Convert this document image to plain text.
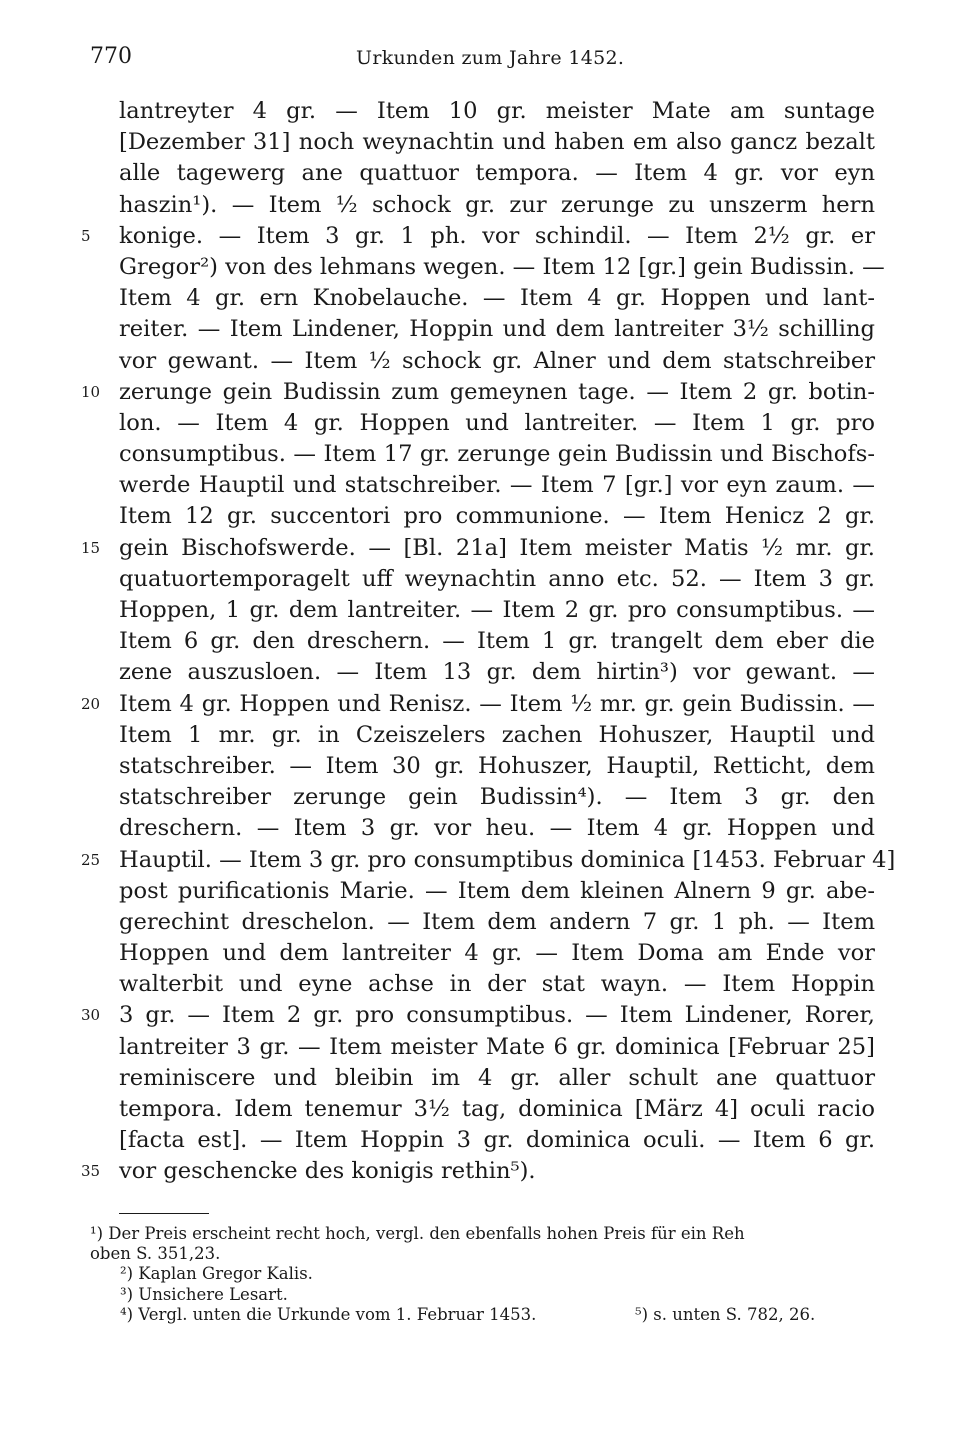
770	Urkunden zum Jahre 1452.
lantreyter 4 gr. — Item 10 gr. meister Mate am suntage
[Dezember 31] noch weynachtin und haben em also gancz bezalt
alle tagewerg ane quattuor tempora. — Item 4 gr. vor eyn
haszin¹). — Item ½ schock gr. zur zerunge zu unszerm hern
5	konige. — Item 3 gr. 1 ph. vor schindil. — Item 2½ gr. er
Gregor²) von des lehmans wegen. — Item 12 [gr.] gein Budissin. —
Item 4 gr. ern Knobelauche. — Item 4 gr. Hoppen und lant-
reiter. — Item Lindener, Hoppin und dem lantreiter 3½ schilling
vor gewant. — Item ½ schock gr. Alner und dem statschreiber
10 zerunge gein Budissin zum gemeynen tage. — Item 2 gr. botin-
lon. — Item 4 gr. Hoppen und lantreiter. — Item 1 gr. pro
consumptibus. — Item 17 gr. zerunge gein Budissin und Bischofs-
werde Hauptil und statschreiber. — Item 7 [gr.] vor eyn zaum. —
Item 12 gr. succentori pro communione. — Item Henicz 2 gr.
15 gein Bischofswerde. — [Bl. 21a] Item meister Matis ½ mr. gr.
quatuortemporagelt uff weynachtin anno etc. 52. — Item 3 gr.
Hoppen, 1 gr. dem lantreiter. — Item 2 gr. pro consumptibus. —
Item 6 gr. den dreschern. — Item 1 gr. trangelt dem eber die
zene auszusloen. — Item 13 gr. dem hirtin³) vor gewant. —
20 Item 4 gr. Hoppen und Renisz. — Item ½ mr. gr. gein Budissin. —
Item 1 mr. gr. in Czeiszelers zachen Hohuszer, Hauptil und
statschreiber. — Item 30 gr. Hohuszer, Hauptil, Retticht, dem
statschreiber zerunge gein Budissin⁴). — Item 3 gr. den
dreschern. — Item 3 gr. vor heu. — Item 4 gr. Hoppen und
25 Hauptil. — Item 3 gr. pro consumptibus dominica [1453. Februar 4]
post purificationis Marie. — Item dem kleinen Alnern 9 gr. abe-
gerechint dreschelon. — Item dem andern 7 gr. 1 ph. — Item
Hoppen und dem lantreiter 4 gr. — Item Doma am Ende vor
walterbit und eyne achse in der stat wayn. — Item Hoppin
30 3 gr. — Item 2 gr. pro consumptibus. — Item Lindener, Rorer,
lantreiter 3 gr. — Item meister Mate 6 gr. dominica [Februar 25]
reminiscere und bleibin im 4 gr. aller schult ane quattuor
tempora. Idem tenemur 3½ tag, dominica [März 4] oculi racio
[facta est]. — Item Hoppin 3 gr. dominica oculi. — Item 6 gr.
35 vor geschencke des konigis rethin⁵).
¹) Der Preis erscheint recht hoch, vergl. den ebenfalls hohen Preis für ein Reh
oben S. 351,23.
²) Kaplan Gregor Kalis.
³) Unsichere Lesart.
⁴) Vergl. unten die Urkunde vom 1. Februar 1453.	⁵) s. unten S. 782, 26.
